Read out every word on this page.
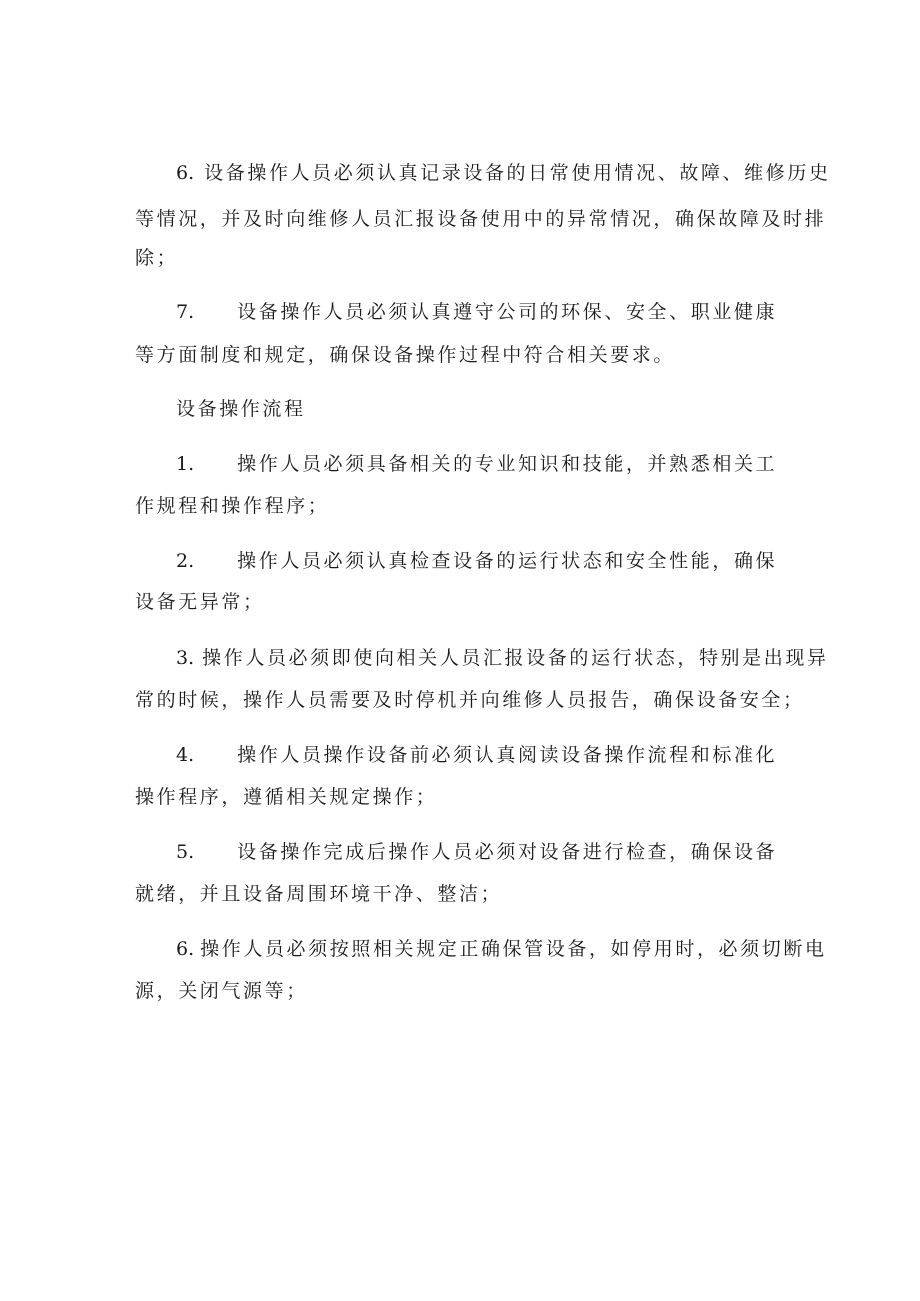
6. 设备操作人员必须认真记录设备的日常使用情况、故障、维修历史
等情况，并及时向维修人员汇报设备使用中的异常情况，确保故障及时排
除；
7. 设备操作人员必须认真遵守公司的环保、安全、职业健康
等方面制度和规定，确保设备操作过程中符合相关要求。
设备操作流程
1. 操作人员必须具备相关的专业知识和技能，并熟悉相关工
作规程和操作程序；
2. 操作人员必须认真检查设备的运行状态和安全性能，确保
设备无异常；
3. 操作人员必须即使向相关人员汇报设备的运行状态，特别是出现异
常的时候，操作人员需要及时停机并向维修人员报告，确保设备安全；
4. 操作人员操作设备前必须认真阅读设备操作流程和标准化
操作程序，遵循相关规定操作；
5. 设备操作完成后操作人员必须对设备进行检查，确保设备
就绪，并且设备周围环境干净、整洁；
6. 操作人员必须按照相关规定正确保管设备，如停用时，必须切断电
源，关闭气源等；
